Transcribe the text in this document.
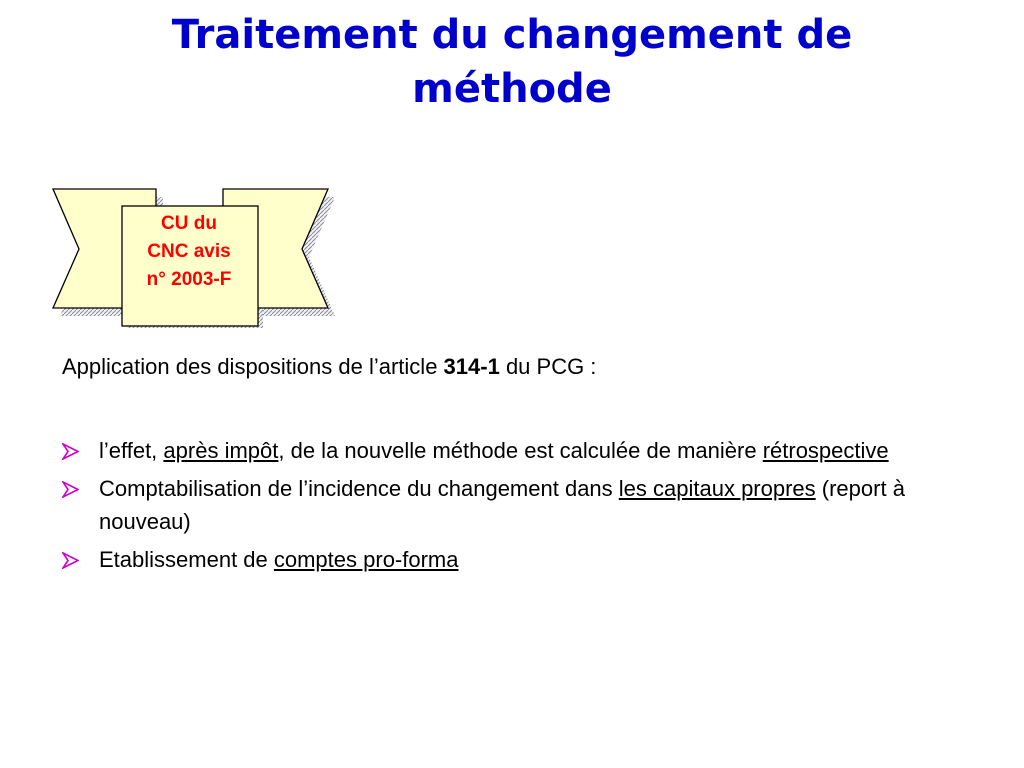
Traitement du changement de méthode
CU du
CNC avis
n° 2003-F

Application des dispositions de l’article 314-1 du PCG :

l’effet, après impôt, de la nouvelle méthode est calculée de manière rétrospective
Comptabilisation de l’incidence du changement dans les capitaux propres (report à nouveau)
Etablissement de comptes pro-forma
